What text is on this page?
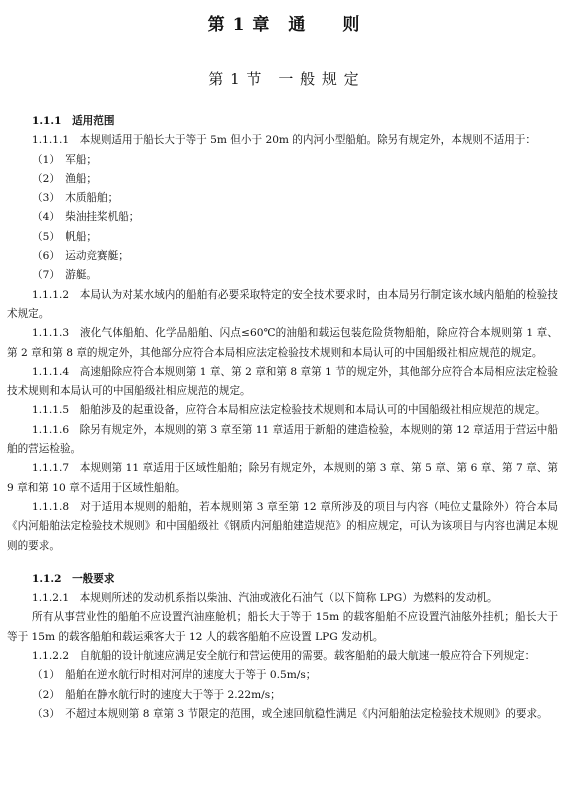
第 1 章　通　　则
第 1 节　一 般 规 定

1.1.1　适用范围

1.1.1.1　本规则适用于船长大于等于 5m 但小于 20m 的内河小型船舶。除另有规定外，本规则不适用于：

（1）　军船；

（2）　渔船；

（3）　木质船舶；

（4）　柴油挂桨机船；

（5）　帆船；

（6）　运动竞赛艇；

（7）　游艇。

1.1.1.2　本局认为对某水域内的船舶有必要采取特定的安全技术要求时，由本局另行制定该水域内船舶的检验技术规定。

1.1.1.3　液化气体船舶、化学品船舶、闪点≤60℃的油船和载运包装危险货物船舶，除应符合本规则第 1 章、第 2 章和第 8 章的规定外，其他部分应符合本局相应法定检验技术规则和本局认可的中国船级社相应规范的规定。

1.1.1.4　高速船除应符合本规则第 1 章、第 2 章和第 8 章第 1 节的规定外，其他部分应符合本局相应法定检验技术规则和本局认可的中国船级社相应规范的规定。

1.1.1.5　船舶涉及的起重设备，应符合本局相应法定检验技术规则和本局认可的中国船级社相应规范的规定。

1.1.1.6　除另有规定外，本规则的第 3 章至第 11 章适用于新船的建造检验，本规则的第 12 章适用于营运中船舶的营运检验。

1.1.1.7　本规则第 11 章适用于区域性船舶；除另有规定外，本规则的第 3 章、第 5 章、第 6 章、第 7 章、第 9 章和第 10 章不适用于区域性船舶。

1.1.1.8　对于适用本规则的船舶，若本规则第 3 章至第 12 章所涉及的项目与内容（吨位丈量除外）符合本局《内河船舶法定检验技术规则》和中国船级社《钢质内河船舶建造规范》的相应规定，可认为该项目与内容也满足本规则的要求。

1.1.2　一般要求

1.1.2.1　本规则所述的发动机系指以柴油、汽油或液化石油气（以下简称 LPG）为燃料的发动机。

所有从事营业性的船舶不应设置汽油座舱机；船长大于等于 15m 的载客船舶不应设置汽油舷外挂机；船长大于等于 15m 的载客船舶和载运乘客大于 12 人的载客船舶不应设置 LPG 发动机。

1.1.2.2　自航船的设计航速应满足安全航行和营运使用的需要。载客船舶的最大航速一般应符合下列规定：

（1）　船舶在逆水航行时相对河岸的速度大于等于 0.5m/s；

（2）　船舶在静水航行时的速度大于等于 2.22m/s；

（3）　不超过本规则第 8 章第 3 节限定的范围，或全速回航稳性满足《内河船舶法定检验技术规则》的要求。
